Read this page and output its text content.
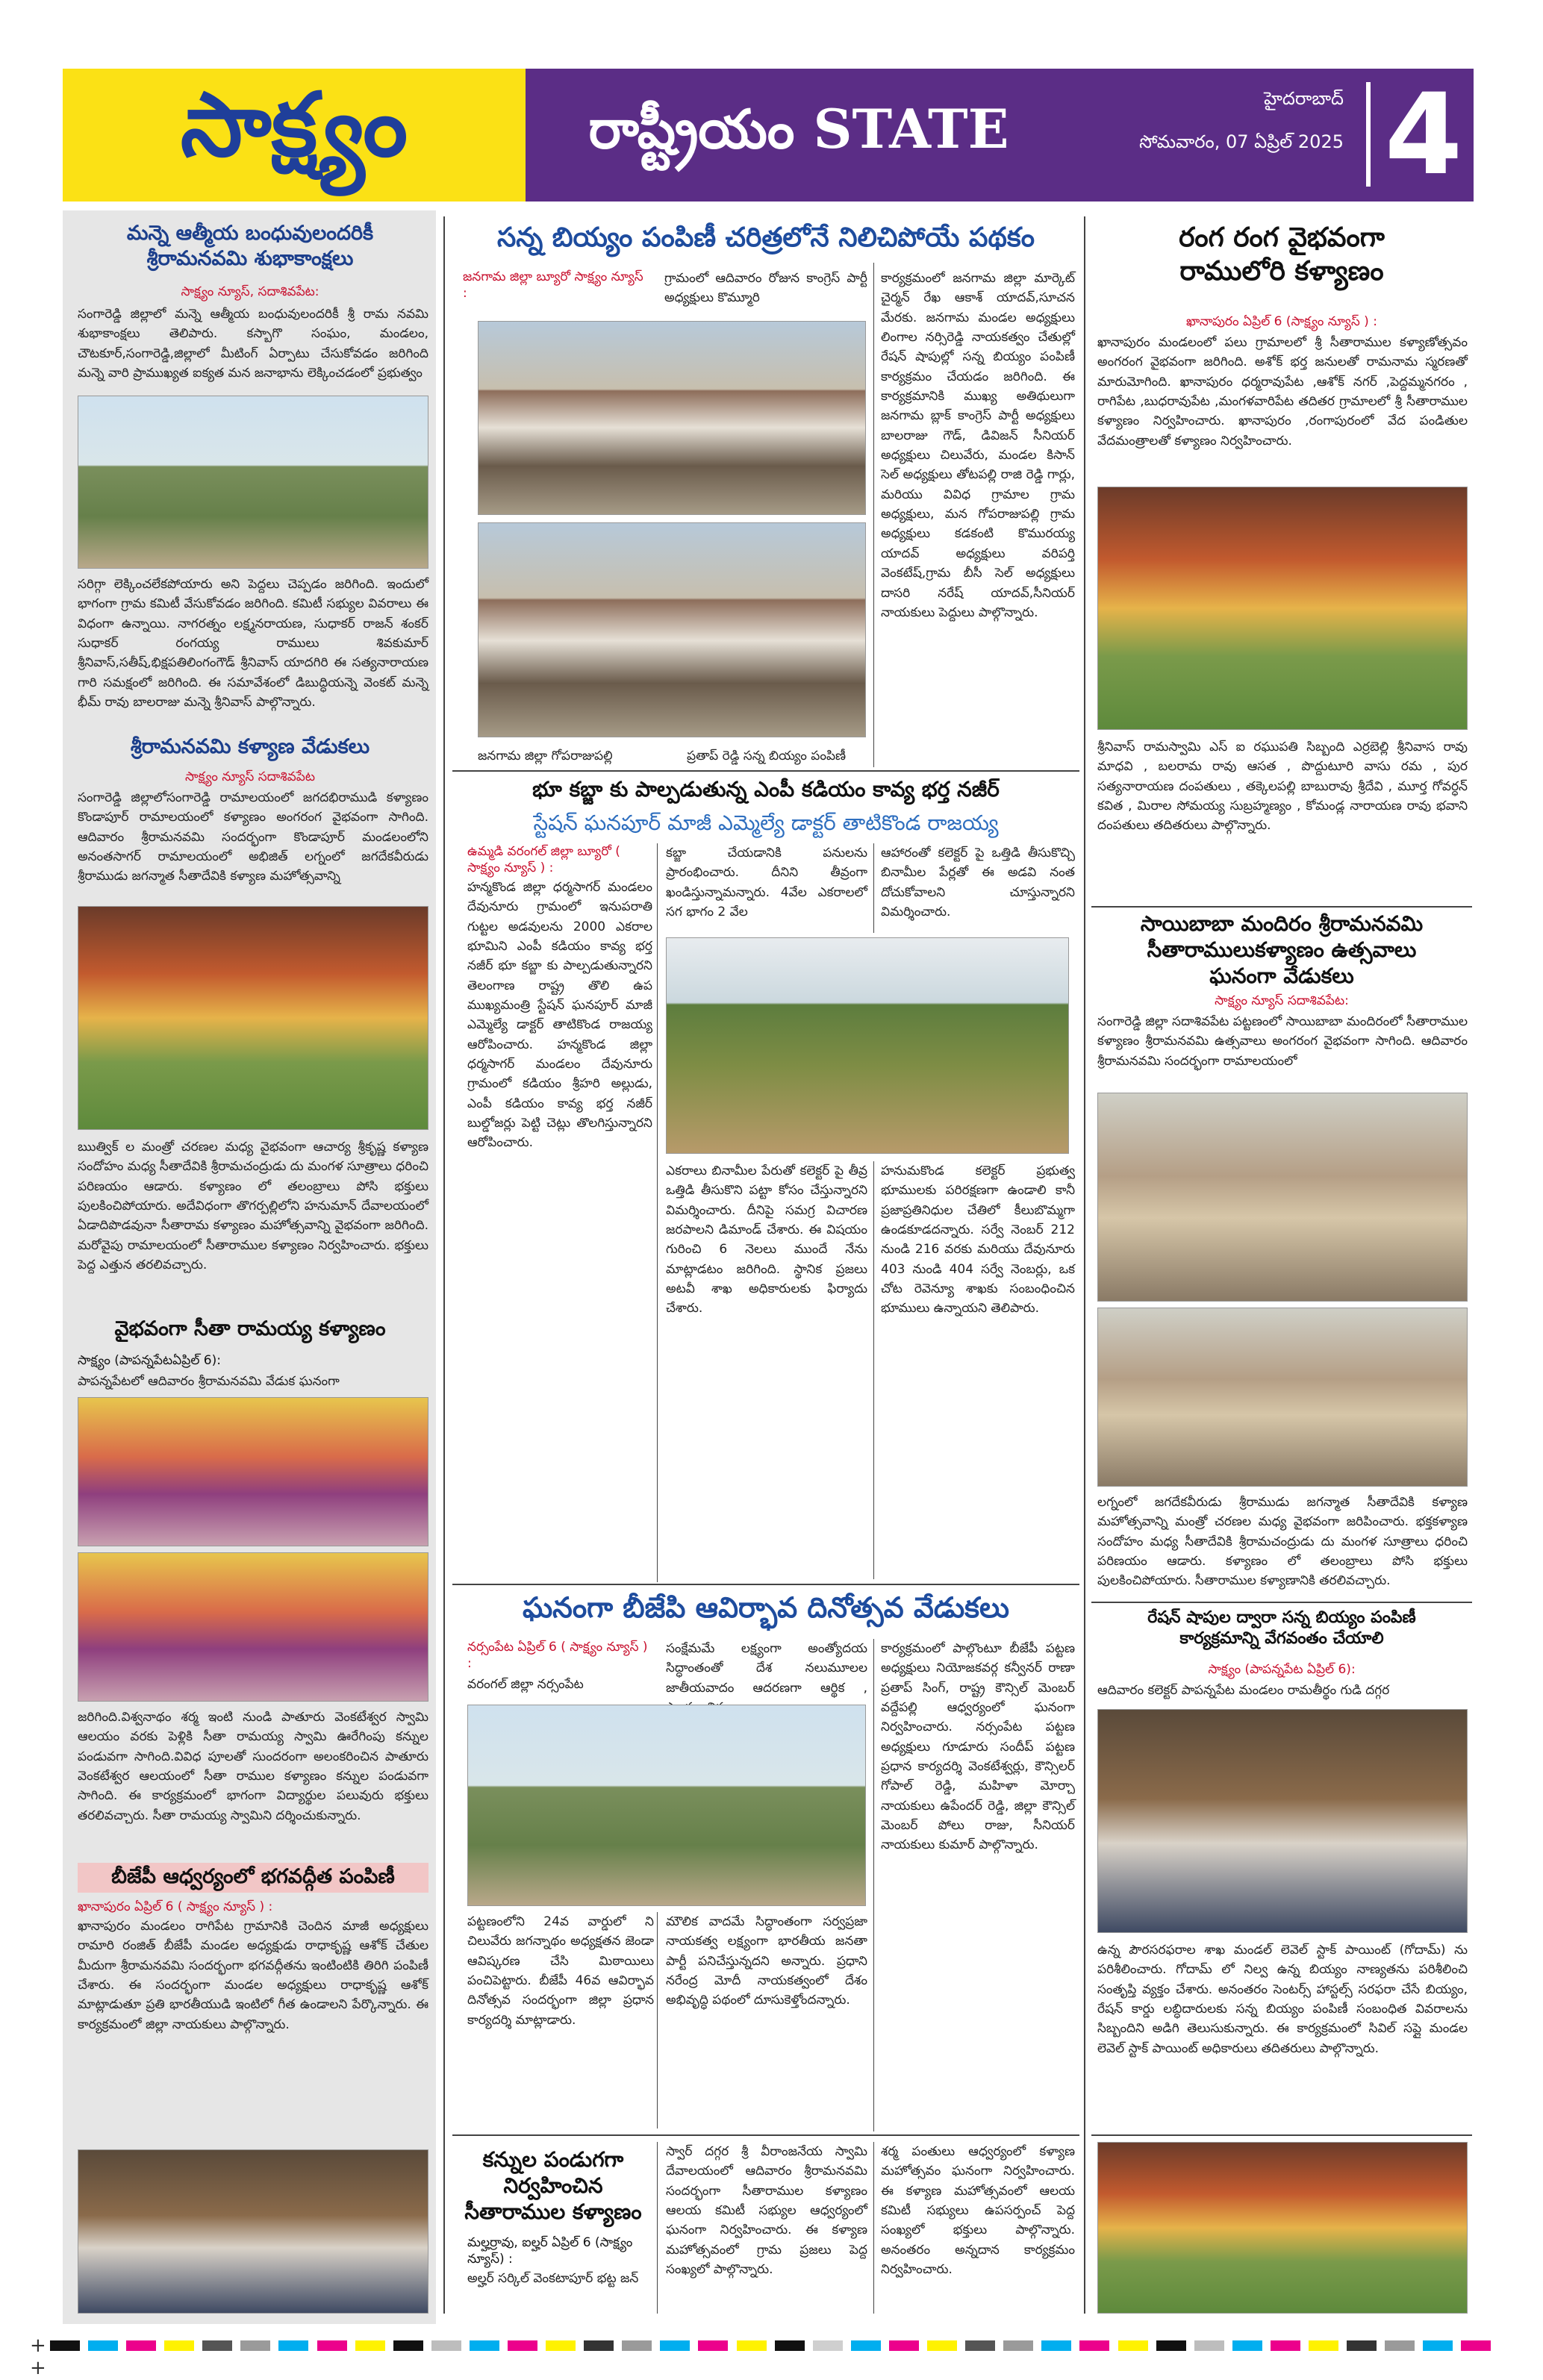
సాక్ష్యం	రాష్ట్రీయం STATE	హైదరాబాద్
సోమవారం, 07 ఏప్రిల్ 2025 4
మన్నె ఆత్మీయ బంధువులందరికీ
శ్రీరామనవమి శుభాకాంక్షలు
సాక్ష్యం న్యూస్, సదాశివపేట:
సంగారెడ్డి జిల్లాలో మన్నె ఆత్మీయ బంధువులందరికీ శ్రీ రామ నవమి శుభాకాంక్షలు తెలిపారు. కస్బాగొ సంఘం, మండలం, చౌటకూర్,సంగారెడ్డి,జిల్లాలో మీటింగ్ ఏర్పాటు చేసుకోవడం జరిగింది మన్నె వారి ప్రాముఖ్యత ఐక్యత మన జనాభాను లెక్కించడంలో ప్రభుత్వం
సరిగ్గా లెక్కించలేకపోయారు అని పెద్దలు చెప్పడం జరిగింది. ఇందులో భాగంగా గ్రామ కమిటీ వేసుకోవడం జరిగింది. కమిటీ సభ్యుల వివరాలు ఈ విధంగా ఉన్నాయి. నాగరత్నం లక్ష్మనరాయణ, సుధాకర్ రాజన్ శంకర్ సుధాకర్ రంగయ్య రాములు శివకుమార్ శ్రీనివాస్,సతీష్,భిక్షపతిలింగంగౌడ్ శ్రీనివాస్ యాదగిరి ఈ సత్యనారాయణ గారి సమక్షంలో జరిగింది. ఈ సమావేశంలో డిబుద్ధియన్నె వెంకట్ మన్నె భీమ్ రావు బాలరాజు మన్నె శ్రీనివాస్ పాల్గొన్నారు.
శ్రీరామనవమి కళ్యాణ వేడుకలు
సాక్ష్యం న్యూస్ సదాశివపేట
సంగారెడ్డి జిల్లాలోసంగారెడ్డి రామాలయంలో జగదభిరాముడి కళ్యాణం కొండాపూర్ రామాలయంలో కళ్యాణం అంగరంగ వైభవంగా సాగింది. ఆదివారం శ్రీరామనవమి సందర్భంగా కొండాపూర్ మండలంలోని అనంతసాగర్ రామాలయంలో అభిజిత్ లగ్నంలో జగదేకవీరుడు శ్రీరాముడు జగన్మాత సీతాదేవికి కళ్యాణ మహోత్సవాన్ని
ఋత్విక్ ల మంత్రో చరణల మధ్య వైభవంగా ఆచార్య శ్రీకృష్ణ కళ్యాణ సందోహం మధ్య సీతాదేవికి శ్రీరామచంద్రుడు దు మంగళ సూత్రాలు ధరించి పరిణయం ఆడారు. కళ్యాణం లో తలంబ్రాలు పోసి భక్తులు పులకించిపోయారు. అదేవిధంగా తొగర్పల్లిలోని హనుమాన్ దేవాలయంలో ఏడాదిపొడవునా సీతారామ కళ్యాణం మహోత్సవాన్ని వైభవంగా జరిగింది. మరోవైపు రామాలయంలో సీతారాముల కళ్యాణం నిర్వహించారు. భక్తులు పెద్ద ఎత్తున తరలివచ్చారు.
వైభవంగా సీతా రామయ్య కళ్యాణం
సాక్ష్యం (పాపన్నపేటఏప్రిల్ 6):
పాపన్నపేటలో ఆదివారం శ్రీరామనవమి వేడుక ఘనంగా
జరిగింది.విశ్వనాథం శర్మ ఇంటి నుండి పాతూరు వెంకటేశ్వర స్వామి ఆలయం వరకు పెళ్లికి సీతా రామయ్య స్వామి ఊరేగింపు కన్నుల పండువగా సాగింది.వివిధ పూలతో సుందరంగా అలంకరించిన పాతూరు వెంకటేశ్వర ఆలయంలో సీతా రాముల కళ్యాణం కన్నుల పండువగా సాగింది. ఈ కార్యక్రమంలో భాగంగా విద్యార్థుల పలువురు భక్తులు తరలివచ్చారు. సీతా రామయ్య స్వామిని దర్శించుకున్నారు.
బీజేపీ ఆధ్వర్యంలో భగవద్గీత పంపిణీ
ఖానాపురం ఏప్రిల్ 6 ( సాక్ష్యం న్యూస్ ) :
ఖానాపురం మండలం రాగిపేట గ్రామానికి చెందిన మాజీ అధ్యక్షులు రామారి రంజిత్ బీజేపీ మండల అధ్యక్షుడు రాధాకృష్ణ ఆశోక్ చేతుల మీదుగా శ్రీరామనవమి సందర్భంగా భగవద్గీతను ఇంటింటికి తిరిగి పంపిణీ చేశారు. ఈ సందర్భంగా మండల అధ్యక్షులు రాధాకృష్ణ ఆశోక్ మాట్లాడుతూ ప్రతి భారతీయుడి ఇంటిలో గీత ఉండాలని పేర్కొన్నారు. ఈ కార్యక్రమంలో జిల్లా నాయకులు పాల్గొన్నారు.
సన్న బియ్యం పంపిణీ చరిత్రలోనే నిలిచిపోయే పథకం
జనగామ జిల్లా బ్యూరో సాక్ష్యం న్యూస్ :
గ్రామంలో ఆదివారం రోజున కాంగ్రెస్ పార్టీ అధ్యక్షులు కొమ్మూరి
కార్యక్రమంలో జనగామ జిల్లా మార్కెట్ చైర్మన్ రేఖ ఆకాశ్ యాదవ్,సూచన మేరకు. జనగామ మండల అధ్యక్షులు లింగాల నర్సిరెడ్డి నాయకత్వం చేతుల్లో రేషన్ షాపుల్లో సన్న బియ్యం పంపిణీ కార్యక్రమం చేయడం జరిగింది. ఈ కార్యక్రమానికి ముఖ్య అతిథులుగా జనగామ బ్లాక్ కాంగ్రెస్ పార్టీ అధ్యక్షులు బాలరాజు గౌడ్, డివిజన్ సీనియర్ అధ్యక్షులు చిలువేరు, మండల కిసాన్ సెల్ అధ్యక్షులు తోటపల్లి రాజి రెడ్డి గార్లు, మరియు వివిధ గ్రామాల గ్రామ అధ్యక్షులు, మన గోపరాజుపల్లి గ్రామ అధ్యక్షులు కడకంటి కొమురయ్య యాదవ్ అధ్యక్షులు వరిపర్తి వెంకటేష్,గ్రామ బీసీ సెల్ అధ్యక్షులు దాసరి నరేష్ యాదవ్,సీనియర్ నాయకులు పెద్దులు పాల్గొన్నారు.
జనగామ జిల్లా గోపరాజుపల్లి	ప్రతాప్ రెడ్డి సన్న బియ్యం పంపిణీ
భూ కబ్జా కు పాల్పడుతున్న ఎంపీ కడియం కావ్య భర్త నజీర్
స్టేషన్ ఘనపూర్ మాజీ ఎమ్మెల్యే డాక్టర్ తాటికొండ రాజయ్య
ఉమ్మడి వరంగల్ జిల్లా బ్యూరో ( సాక్ష్యం న్యూస్ ) :
హన్మకొండ జిల్లా ధర్మసాగర్ మండలం దేవునూరు గ్రామంలో ఇనుపరాతి గుట్టల అడవులను 2000 ఎకరాల భూమిని ఎంపీ కడియం కావ్య భర్త నజీర్ భూ కబ్జా కు పాల్పడుతున్నారని తెలంగాణ రాష్ట్ర తొలి ఉప ముఖ్యమంత్రి స్టేషన్ ఘనపూర్ మాజీ ఎమ్మెల్యే డాక్టర్ తాటికొండ రాజయ్య ఆరోపించారు. హన్మకొండ జిల్లా ధర్మసాగర్ మండలం దేవునూరు గ్రామంలో కడియం శ్రీహరి అల్లుడు, ఎంపీ కడియం కావ్య భర్త నజీర్ బుల్డోజర్లు పెట్టి చెట్లు తొలగిస్తున్నారని ఆరోపించారు.
కబ్జా చేయడానికి పనులను ప్రారంభించారు. దీనిని తీవ్రంగా ఖండిస్తున్నామన్నారు. 4వేల ఎకరాలలో సగ భాగం 2 వేల
ఆహారంతో కలెక్టర్ పై ఒత్తిడి తీసుకొచ్చి బినామీల పేర్లతో ఈ అడవి నంత దోచుకోవాలని చూస్తున్నారని విమర్శించారు.
ఎకరాలు బినామీల పేరుతో కలెక్టర్ పై తీవ్ర ఒత్తిడి తీసుకొని పట్టా కోసం చేస్తున్నారని విమర్శించారు. దీనిపై సమగ్ర విచారణ జరపాలని డిమాండ్ చేశారు. ఈ విషయం గురించి 6 నెలలు ముందే నేను మాట్లాడటం జరిగింది. స్థానిక ప్రజలు అటవీ శాఖ అధికారులకు ఫిర్యాదు చేశారు.
హనుమకొండ కలెక్టర్ ప్రభుత్వ భూములకు పరిరక్షణగా ఉండాలి కానీ ప్రజాప్రతినిధుల చేతిలో కీలుబొమ్మగా ఉండకూడదన్నారు. సర్వే నెంబర్ 212 నుండి 216 వరకు మరియు దేవునూరు 403 నుండి 404 సర్వే నెంబర్లు, ఒక చోట రెవెన్యూ శాఖకు సంబంధించిన భూములు ఉన్నాయని తెలిపారు.
ఘనంగా బీజేపి ఆవిర్భావ దినోత్సవ వేడుకలు
నర్సంపేట ఏప్రిల్ 6 ( సాక్ష్యం న్యూస్ ) :
వరంగల్ జిల్లా నర్సంపేట
సంక్షేమమే లక్ష్యంగా అంత్యోదయ సిద్ధాంతంతో దేశ నలుమూలల జాతీయవాదం ఆదరణగా ఆర్థిక ,
కార్యక్రమంలో పాల్గొంటూ బీజేపీ పట్టణ అధ్యక్షులు నియోజకవర్గ కన్వీనర్ రాణా ప్రతాప్ సింగ్, రాష్ట్ర కౌన్సిల్ మెంబర్ వద్దేపల్లి ఆధ్వర్యంలో ఘనంగా నిర్వహించారు. నర్సంపేట పట్టణ అధ్యక్షులు గూడూరు సందీప్ పట్టణ ప్రధాన కార్యదర్శి వెంకటేశ్వర్లు, కౌన్సిలర్ గోపాల్ రెడ్డి, మహిళా మోర్చా నాయకులు ఉపేందర్ రెడ్డి, జిల్లా కౌన్సిల్ మెంబర్ పోలు రాజు, సీనియర్ నాయకులు కుమార్ పాల్గొన్నారు.
పట్టణంలోని 24వ వార్డులో ని చిలువేరు జగన్నాథం అధ్యక్షతన జెండా ఆవిష్కరణ చేసి మిఠాయిలు పంచిపెట్టారు. బీజేపీ 46వ ఆవిర్భావ దినోత్సవ సందర్భంగా జిల్లా ప్రధాన కార్యదర్శి మాట్లాడారు.
మౌలిక వాదమే సిద్ధాంతంగా సర్వప్రజా నాయకత్వ లక్ష్యంగా భారతీయ జనతా పార్టీ పనిచేస్తున్నదని అన్నారు. ప్రధాని నరేంద్ర మోదీ నాయకత్వంలో దేశం అభివృద్ధి పథంలో దూసుకెళ్తోందన్నారు.
కన్నుల పండుగగా
నిర్వహించిన
సీతారాముల కళ్యాణం
మల్హర్రావు, ఐల్హర్ ఏప్రిల్ 6 (సాక్ష్యం న్యూస్) :
అల్హర్ సర్కిల్ వెంకటాపూర్ భట్ట జన్
స్వార్ దగ్గర శ్రీ వీరాంజనేయ స్వామి దేవాలయంలో ఆదివారం శ్రీరామనవమి సందర్భంగా సీతారాముల కళ్యాణం ఆలయ కమిటీ సభ్యుల ఆధ్వర్యంలో ఘనంగా నిర్వహించారు. ఈ కళ్యాణ మహోత్సవంలో గ్రామ ప్రజలు పెద్ద సంఖ్యలో పాల్గొన్నారు.
శర్మ పంతులు ఆధ్వర్యంలో కళ్యాణ మహోత్సవం ఘనంగా నిర్వహించారు. ఈ కళ్యాణ మహోత్సవంలో ఆలయ కమిటీ సభ్యులు ఉపసర్పంచ్ పెద్ద సంఖ్యలో భక్తులు పాల్గొన్నారు. అనంతరం అన్నదాన కార్యక్రమం నిర్వహించారు.
రంగ రంగ వైభవంగా
రాములోరి కళ్యాణం
ఖానాపురం ఏప్రిల్ 6 (సాక్ష్యం న్యూస్ ) :
ఖానాపురం మండలంలో పలు గ్రామాలలో శ్రీ సీతారాముల కళ్యాణోత్సవం అంగరంగ వైభవంగా జరిగింది. అశోక్ భర్త జనులతో రామనామ స్మరణతో మారుమోగింది. ఖానాపురం ధర్మరావుపేట ,ఆశోక్ నగర్ ,పెద్దమ్మనగరం , రాగిపేట ,బుధరావుపేట ,మంగళవారిపేట తదితర గ్రామాలలో శ్రీ సీతారాముల కళ్యాణం నిర్వహించారు. ఖానాపురం ,రంగాపురంలో వేద పండితుల వేదమంత్రాలతో కళ్యాణం నిర్వహించారు.
శ్రీనివాస్ రామస్వామి ఎస్ ఐ రఘుపతి సిబ్బంది ఎర్రబెల్లి శ్రీనివాస రావు మాధవి , బలరామ రావు ఆసత , పొద్దుటూరి వాసు రమ , పుర సత్యనారాయణ దంపతులు , తక్కెలపల్లి బాబురావు శ్రీదేవి , మూర్త గోవర్ధన్ కవిత , మిరాల సోమయ్య సుబ్రహ్మణ్యం , కోమండ్ల నారాయణ రావు భవాని దంపతులు తదితరులు పాల్గొన్నారు.
సాయిబాబా మందిరం శ్రీరామనవమి
సీతారాములుకళ్యాణం ఉత్సవాలు
ఘనంగా వేడుకలు
సాక్ష్యం న్యూస్ సదాశివపేట:
సంగారెడ్డి జిల్లా సదాశివపేట పట్టణంలో సాయిబాబా మందిరంలో సీతారాముల కళ్యాణం శ్రీరామనవమి ఉత్సవాలు అంగరంగ వైభవంగా సాగింది. ఆదివారం శ్రీరామనవమి సందర్భంగా రామాలయంలో
లగ్నంలో జగదేకవీరుడు శ్రీరాముడు జగన్మాత సీతాదేవికి కళ్యాణ మహోత్సవాన్ని మంత్రో చరణల మధ్య వైభవంగా జరిపించారు. భక్తకళ్యాణ సందోహం మధ్య సీతాదేవికి శ్రీరామచంద్రుడు దు మంగళ సూత్రాలు ధరించి పరిణయం ఆడారు. కళ్యాణం లో తలంబ్రాలు పోసి భక్తులు పులకించిపోయారు. సీతారాముల కళ్యాణానికి తరలివచ్చారు.
రేషన్ షాపుల ద్వారా సన్న బియ్యం పంపిణీ
కార్యక్రమాన్ని వేగవంతం చేయాలి
సాక్ష్యం (పాపన్నపేట ఏప్రిల్ 6):
ఆదివారం కలెక్టర్ పాపన్నపేట మండలం రామతీర్థం గుడి దగ్గర
ఉన్న పౌరసరఫరాల శాఖ మండల్ లెవెల్ స్టాక్ పాయింట్ (గోదామ్) ను పరిశీలించారు. గోదామ్ లో నిల్వ ఉన్న బియ్యం నాణ్యతను పరిశీలించి సంతృప్తి వ్యక్తం చేశారు. అనంతరం సెంటర్స్ హాస్టల్స్ సరఫరా చేసే బియ్యం, రేషన్ కార్డు లబ్ధిదారులకు సన్న బియ్యం పంపిణీ సంబంధిత వివరాలను సిబ్బందిని అడిగి తెలుసుకున్నారు. ఈ కార్యక్రమంలో సివిల్ సప్లై మండల లెవెల్ స్టాక్ పాయింట్ అధికారులు తదితరులు పాల్గొన్నారు.
+                                       +
